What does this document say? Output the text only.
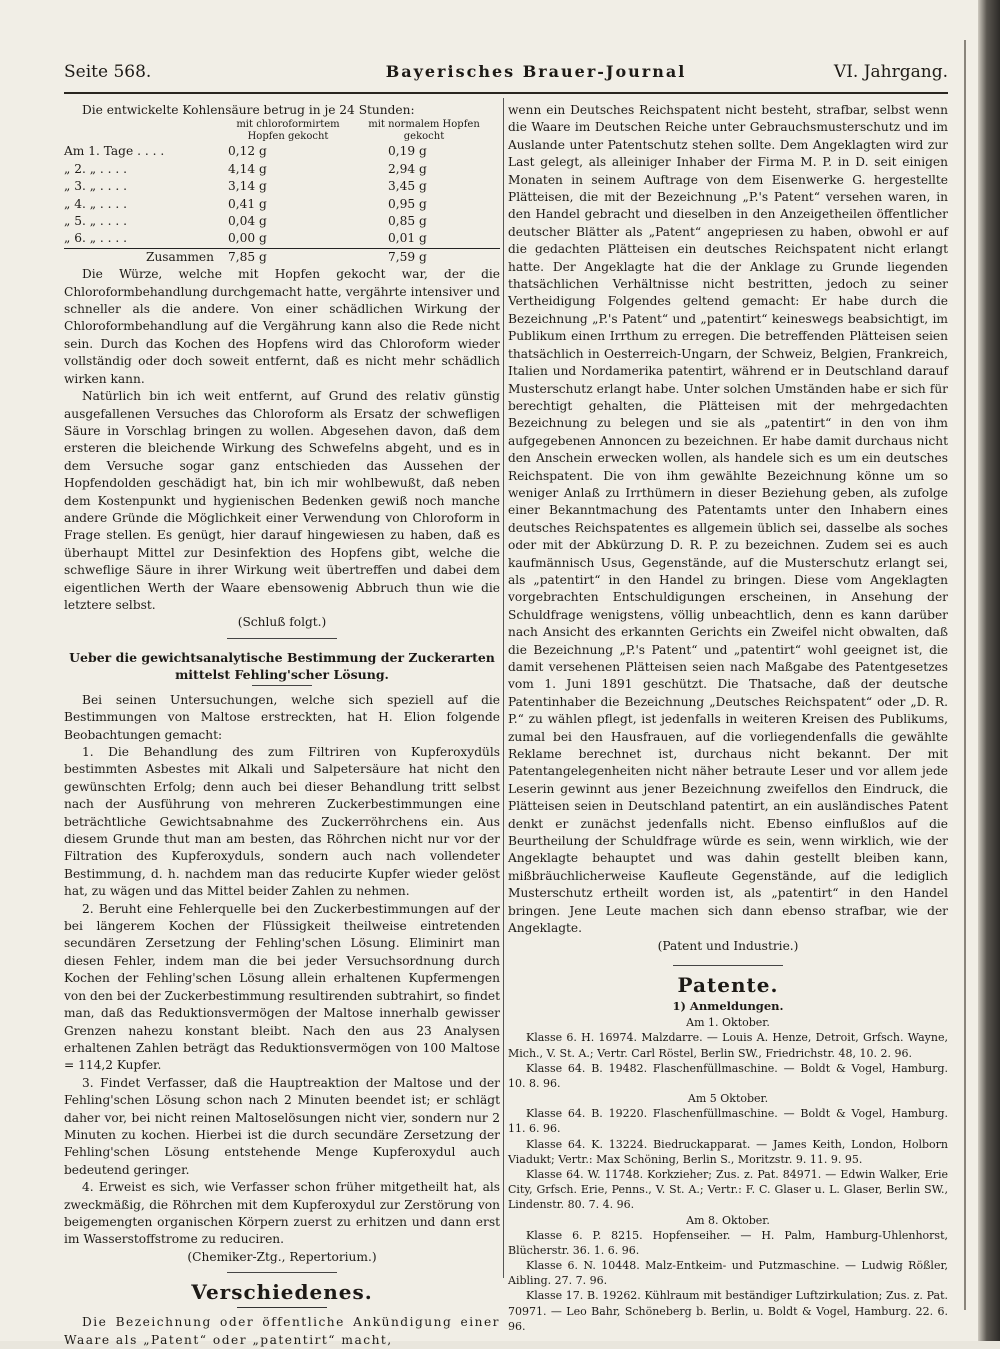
Seite 568.	Bayerisches Brauer-Journal	VI. Jahrgang.

Die entwickelte Kohlensäure betrug in je 24 Stunden:

	mit chloroformirtem Hopfen gekocht	mit normalem Hopfen gekocht
Am 1. Tage . . . .	0,12 g	0,19 g
„ 2. „ . . . .	4,14 g	2,94 g
„ 3. „ . . . .	3,14 g	3,45 g
„ 4. „ . . . .	0,41 g	0,95 g
„ 5. „ . . . .	0,04 g	0,85 g
„ 6. „ . . . .	0,00 g	0,01 g
Zusammen	7,85 g	7,59 g

Die Würze, welche mit Hopfen gekocht war, der die Chloroformbehandlung durchgemacht hatte, vergährte intensiver und schneller als die andere. Von einer schädlichen Wirkung der Chloroformbehandlung auf die Vergährung kann also die Rede nicht sein. Durch das Kochen des Hopfens wird das Chloroform wieder vollständig oder doch soweit entfernt, daß es nicht mehr schädlich wirken kann.

Natürlich bin ich weit entfernt, auf Grund des relativ günstig ausgefallenen Versuches das Chloroform als Ersatz der schwefligen Säure in Vorschlag bringen zu wollen. Abgesehen davon, daß dem ersteren die bleichende Wirkung des Schwefelns abgeht, und es in dem Versuche sogar ganz entschieden das Aussehen der Hopfendolden geschädigt hat, bin ich mir wohlbewußt, daß neben dem Kostenpunkt und hygienischen Bedenken gewiß noch manche andere Gründe die Möglichkeit einer Verwendung von Chloroform in Frage stellen. Es genügt, hier darauf hingewiesen zu haben, daß es überhaupt Mittel zur Desinfektion des Hopfens gibt, welche die schweflige Säure in ihrer Wirkung weit übertreffen und dabei dem eigentlichen Werth der Waare ebensowenig Abbruch thun wie die letztere selbst.

(Schluß folgt.)

Ueber die gewichtsanalytische Bestimmung der Zuckerarten mittelst Fehling'scher Lösung.

Bei seinen Untersuchungen, welche sich speziell auf die Bestimmungen von Maltose erstreckten, hat H. Elion folgende Beobachtungen gemacht:

1. Die Behandlung des zum Filtriren von Kupferoxydüls bestimmten Asbestes mit Alkali und Salpetersäure hat nicht den gewünschten Erfolg; denn auch bei dieser Behandlung tritt selbst nach der Ausführung von mehreren Zuckerbestimmungen eine beträchtliche Gewichtsabnahme des Zuckerröhrchens ein. Aus diesem Grunde thut man am besten, das Röhrchen nicht nur vor der Filtration des Kupferoxyduls, sondern auch nach vollendeter Bestimmung, d. h. nachdem man das reducirte Kupfer wieder gelöst hat, zu wägen und das Mittel beider Zahlen zu nehmen.

2. Beruht eine Fehlerquelle bei den Zuckerbestimmungen auf der bei längerem Kochen der Flüssigkeit theilweise eintretenden secundären Zersetzung der Fehling'schen Lösung. Eliminirt man diesen Fehler, indem man die bei jeder Versuchsordnung durch Kochen der Fehling'schen Lösung allein erhaltenen Kupfermengen von den bei der Zuckerbestimmung resultirenden subtrahirt, so findet man, daß das Reduktionsvermögen der Maltose innerhalb gewisser Grenzen nahezu konstant bleibt. Nach den aus 23 Analysen erhaltenen Zahlen beträgt das Reduktionsvermögen von 100 Maltose = 114,2 Kupfer.

3. Findet Verfasser, daß die Hauptreaktion der Maltose und der Fehling'schen Lösung schon nach 2 Minuten beendet ist; er schlägt daher vor, bei nicht reinen Maltoselösungen nicht vier, sondern nur 2 Minuten zu kochen. Hierbei ist die durch secundäre Zersetzung der Fehling'schen Lösung entstehende Menge Kupferoxydul auch bedeutend geringer.

4. Erweist es sich, wie Verfasser schon früher mitgetheilt hat, als zweckmäßig, die Röhrchen mit dem Kupferoxydul zur Zerstörung von beigemengten organischen Körpern zuerst zu erhitzen und dann erst im Wasserstoffstrome zu reduciren.

(Chemiker-Ztg., Repertorium.)

Verschiedenes.

Die Bezeichnung oder öffentliche Ankündigung einer Waare als „Patent“ oder „patentirt“ macht,

wenn ein Deutsches Reichspatent nicht besteht, strafbar, selbst wenn die Waare im Deutschen Reiche unter Gebrauchsmusterschutz und im Auslande unter Patentschutz stehen sollte. Dem Angeklagten wird zur Last gelegt, als alleiniger Inhaber der Firma M. P. in D. seit einigen Monaten in seinem Auftrage von dem Eisenwerke G. hergestellte Plätteisen, die mit der Bezeichnung „P.'s Patent“ versehen waren, in den Handel gebracht und dieselben in den Anzeigetheilen öffentlicher deutscher Blätter als „Patent“ angepriesen zu haben, obwohl er auf die gedachten Plätteisen ein deutsches Reichspatent nicht erlangt hatte. Der Angeklagte hat die der Anklage zu Grunde liegenden thatsächlichen Verhältnisse nicht bestritten, jedoch zu seiner Vertheidigung Folgendes geltend gemacht: Er habe durch die Bezeichnung „P.'s Patent“ und „patentirt“ keineswegs beabsichtigt, im Publikum einen Irrthum zu erregen. Die betreffenden Plätteisen seien thatsächlich in Oesterreich-Ungarn, der Schweiz, Belgien, Frankreich, Italien und Nordamerika patentirt, während er in Deutschland darauf Musterschutz erlangt habe. Unter solchen Umständen habe er sich für berechtigt gehalten, die Plätteisen mit der mehrgedachten Bezeichnung zu belegen und sie als „patentirt“ in den von ihm aufgegebenen Annoncen zu bezeichnen. Er habe damit durchaus nicht den Anschein erwecken wollen, als handele sich es um ein deutsches Reichspatent. Die von ihm gewählte Bezeichnung könne um so weniger Anlaß zu Irrthümern in dieser Beziehung geben, als zufolge einer Bekanntmachung des Patentamts unter den Inhabern eines deutsches Reichspatentes es allgemein üblich sei, dasselbe als soches oder mit der Abkürzung D. R. P. zu bezeichnen. Zudem sei es auch kaufmännisch Usus, Gegenstände, auf die Musterschutz erlangt sei, als „patentirt“ in den Handel zu bringen. Diese vom Angeklagten vorgebrachten Entschuldigungen erscheinen, in Ansehung der Schuldfrage wenigstens, völlig unbeachtlich, denn es kann darüber nach Ansicht des erkannten Gerichts ein Zweifel nicht obwalten, daß die Bezeichnung „P.'s Patent“ und „patentirt“ wohl geeignet ist, die damit versehenen Plätteisen seien nach Maßgabe des Patentgesetzes vom 1. Juni 1891 geschützt. Die Thatsache, daß der deutsche Patentinhaber die Bezeichnung „Deutsches Reichspatent“ oder „D. R. P.“ zu wählen pflegt, ist jedenfalls in weiteren Kreisen des Publikums, zumal bei den Hausfrauen, auf die vorliegendenfalls die gewählte Reklame berechnet ist, durchaus nicht bekannt. Der mit Patentangelegenheiten nicht näher betraute Leser und vor allem jede Leserin gewinnt aus jener Bezeichnung zweifellos den Eindruck, die Plätteisen seien in Deutschland patentirt, an ein ausländisches Patent denkt er zunächst jedenfalls nicht. Ebenso einflußlos auf die Beurtheilung der Schuldfrage würde es sein, wenn wirklich, wie der Angeklagte behauptet und was dahin gestellt bleiben kann, mißbräuchlicherweise Kaufleute Gegenstände, auf die lediglich Musterschutz ertheilt worden ist, als „patentirt“ in den Handel bringen. Jene Leute machen sich dann ebenso strafbar, wie der Angeklagte.

(Patent und Industrie.)

Patente.

1) Anmeldungen.

Am 1. Oktober.

Klasse 6. H. 16974. Malzdarre. — Louis A. Henze, Detroit, Grfsch. Wayne, Mich., V. St. A.; Vertr. Carl Röstel, Berlin SW., Friedrichstr. 48, 10. 2. 96.

Klasse 64. B. 19482. Flaschenfüllmaschine. — Boldt & Vogel, Hamburg. 10. 8. 96.

Am 5 Oktober.

Klasse 64. B. 19220. Flaschenfüllmaschine. — Boldt & Vogel, Hamburg. 11. 6. 96.

Klasse 64. K. 13224. Biedruckapparat. — James Keith, London, Holborn Viadukt; Vertr.: Max Schöning, Berlin S., Moritzstr. 9. 11. 9. 95.

Klasse 64. W. 11748. Korkzieher; Zus. z. Pat. 84971. — Edwin Walker, Erie City, Grfsch. Erie, Penns., V. St. A.; Vertr.: F. C. Glaser u. L. Glaser, Berlin SW., Lindenstr. 80. 7. 4. 96.

Am 8. Oktober.

Klasse 6. P. 8215. Hopfenseiher. — H. Palm, Hamburg-Uhlenhorst, Blücherstr. 36. 1. 6. 96.

Klasse 6. N. 10448. Malz-Entkeim- und Putzmaschine. — Ludwig Rößler, Aibling. 27. 7. 96.

Klasse 17. B. 19262. Kühlraum mit beständiger Luftzirkulation; Zus. z. Pat. 70971. — Leo Bahr, Schöneberg b. Berlin, u. Boldt & Vogel, Hamburg. 22. 6. 96.
